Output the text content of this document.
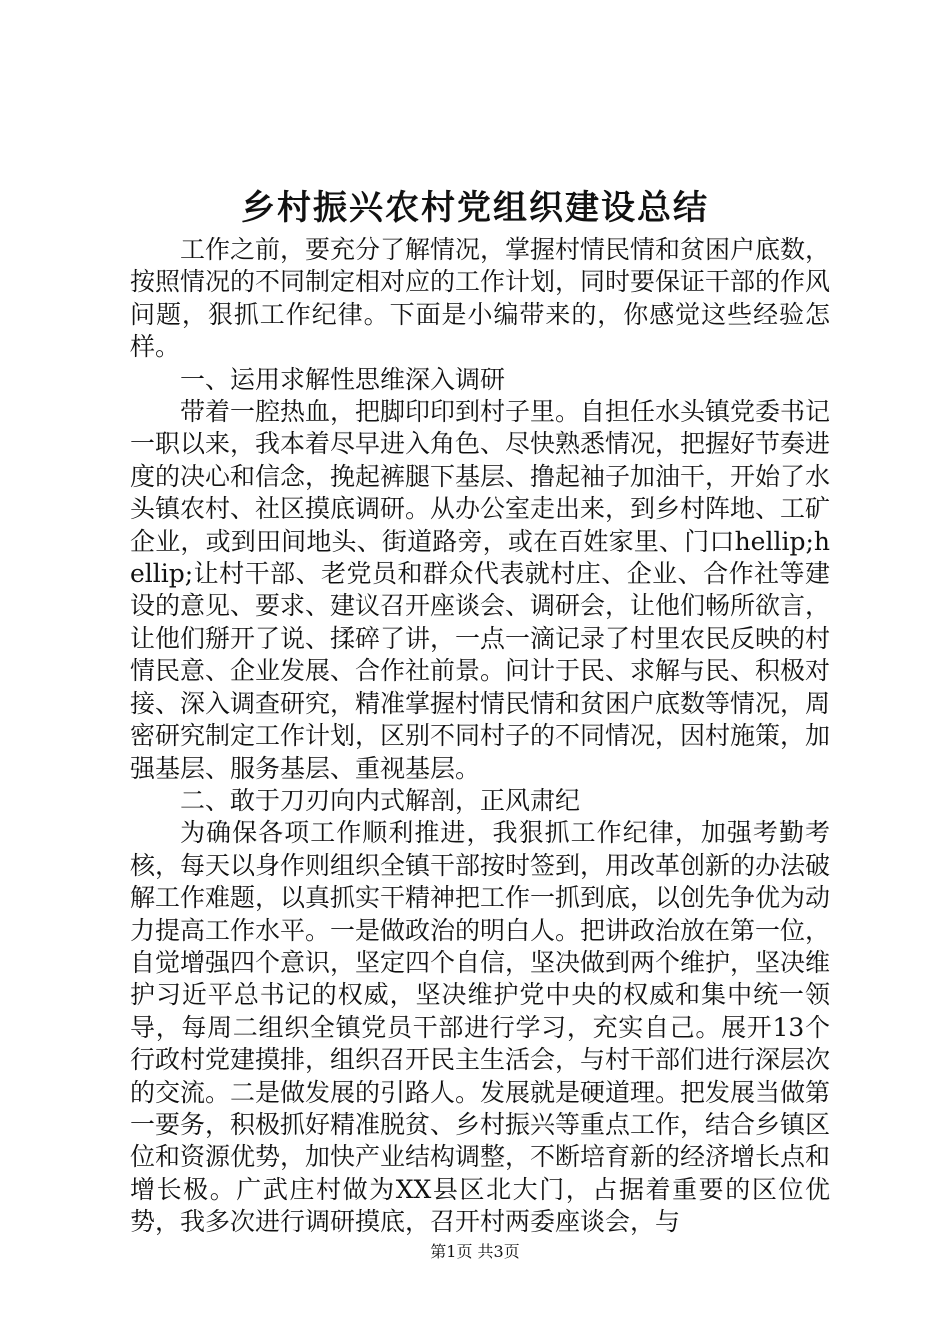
乡村振兴农村党组织建设总结

工作之前，要充分了解情况，掌握村情民情和贫困户底数，按照情况的不同制定相对应的工作计划，同时要保证干部的作风问题，狠抓工作纪律。下面是小编带来的，你感觉这些经验怎样。

一、运用求解性思维深入调研

带着一腔热血，把脚印印到村子里。自担任水头镇党委书记一职以来，我本着尽早进入角色、尽快熟悉情况，把握好节奏进度的决心和信念，挽起裤腿下基层、撸起袖子加油干，开始了水头镇农村、社区摸底调研。从办公室走出来，到乡村阵地、工矿企业，或到田间地头、街道路旁，或在百姓家里、门口hellip;hellip;让村干部、老党员和群众代表就村庄、企业、合作社等建设的意见、要求、建议召开座谈会、调研会，让他们畅所欲言，让他们掰开了说、揉碎了讲，一点一滴记录了村里农民反映的村情民意、企业发展、合作社前景。问计于民、求解与民、积极对接、深入调查研究，精准掌握村情民情和贫困户底数等情况，周密研究制定工作计划，区别不同村子的不同情况，因村施策，加强基层、服务基层、重视基层。

二、敢于刀刃向内式解剖，正风肃纪

为确保各项工作顺利推进，我狠抓工作纪律，加强考勤考核，每天以身作则组织全镇干部按时签到，用改革创新的办法破解工作难题，以真抓实干精神把工作一抓到底，以创先争优为动力提高工作水平。一是做政治的明白人。把讲政治放在第一位，自觉增强四个意识，坚定四个自信，坚决做到两个维护，坚决维护习近平总书记的权威，坚决维护党中央的权威和集中统一领导，每周二组织全镇党员干部进行学习，充实自己。展开13个行政村党建摸排，组织召开民主生活会，与村干部们进行深层次的交流。二是做发展的引路人。发展就是硬道理。把发展当做第一要务，积极抓好精准脱贫、乡村振兴等重点工作，结合乡镇区位和资源优势，加快产业结构调整，不断培育新的经济增长点和增长极。广武庄村做为XX县区北大门，占据着重要的区位优势，我多次进行调研摸底，召开村两委座谈会，与

第1页 共3页
